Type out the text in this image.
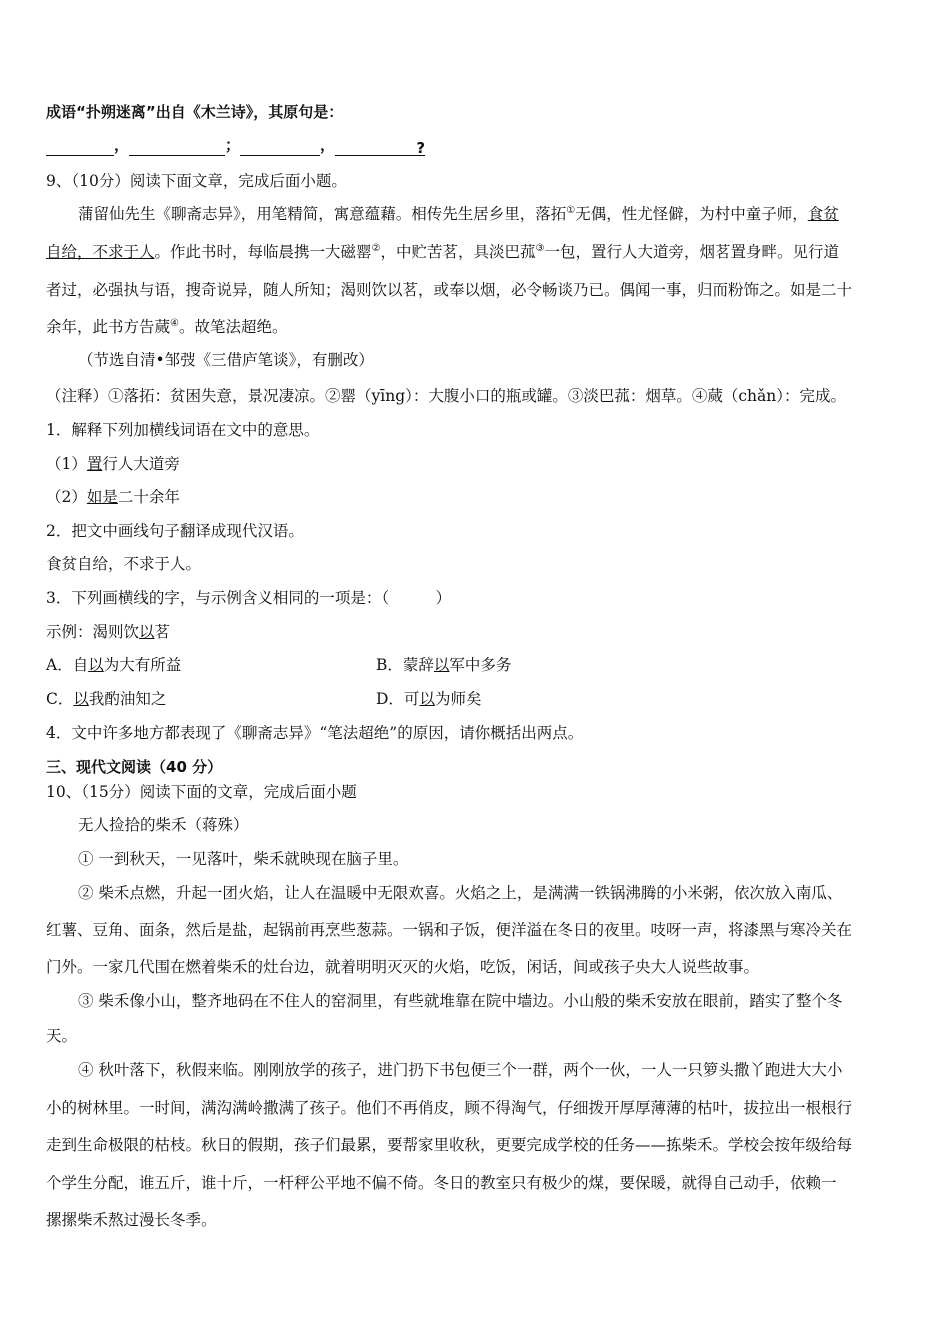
成语“扑朔迷离”出自《木兰诗》，其原句是：
，	；	，	?
9、（10分）阅读下面文章，完成后面小题。
蒲留仙先生《聊斋志异》，用笔精简，寓意蕴藉。相传先生居乡里，落拓①无偶，性尤怪僻，为村中童子师，食贫
自给，不求于人。作此书时，每临晨携一大磁罂②，中贮苦茗，具淡巴菰③一包，置行人大道旁，烟茗置身畔。见行道
者过，必强执与语，搜奇说异，随人所知；渴则饮以茗，或奉以烟，必令畅谈乃已。偶闻一事，归而粉饰之。如是二十
余年，此书方告蒇④。故笔法超绝。
（节选自清•邹弢《三借庐笔谈》，有删改）
（注释）①落拓：贫困失意，景况凄凉。②罂（yīng）：大腹小口的瓶或罐。③淡巴菰：烟草。④蒇（chǎn）：完成。
1．解释下列加横线词语在文中的意思。
（1）置行人大道旁
（2）如是二十余年
2．把文中画线句子翻译成现代汉语。
食贫自给，不求于人。
3．下列画横线的字，与示例含义相同的一项是：（　　　）
示例：渴则饮以茗
A．自以为大有所益	B．蒙辞以军中多务
C．以我酌油知之	D．可以为师矣
4．文中许多地方都表现了《聊斋志异》“笔法超绝”的原因，请你概括出两点。
三、现代文阅读（40 分）
10、（15分）阅读下面的文章，完成后面小题
无人捡拾的柴禾（蒋殊）
① 一到秋天，一见落叶，柴禾就映现在脑子里。
② 柴禾点燃，升起一团火焰，让人在温暖中无限欢喜。火焰之上，是满满一铁锅沸腾的小米粥，依次放入南瓜、
红薯、豆角、面条，然后是盐，起锅前再烹些葱蒜。一锅和子饭，便洋溢在冬日的夜里。吱呀一声，将漆黑与寒冷关在
门外。一家几代围在燃着柴禾的灶台边，就着明明灭灭的火焰，吃饭，闲话，间或孩子央大人说些故事。
③ 柴禾像小山，整齐地码在不住人的窑洞里，有些就堆靠在院中墙边。小山般的柴禾安放在眼前，踏实了整个冬
天。
④ 秋叶落下，秋假来临。刚刚放学的孩子，进门扔下书包便三个一群，两个一伙，一人一只箩头撒丫跑进大大小
小的树林里。一时间，满沟满岭撒满了孩子。他们不再俏皮，顾不得淘气，仔细拨开厚厚薄薄的枯叶，拔拉出一根根行
走到生命极限的枯枝。秋日的假期，孩子们最累，要帮家里收秋，更要完成学校的任务——拣柴禾。学校会按年级给每
个学生分配，谁五斤，谁十斤，一杆秤公平地不偏不倚。冬日的教室只有极少的煤，要保暖，就得自己动手，依赖一
摞摞柴禾熬过漫长冬季。
